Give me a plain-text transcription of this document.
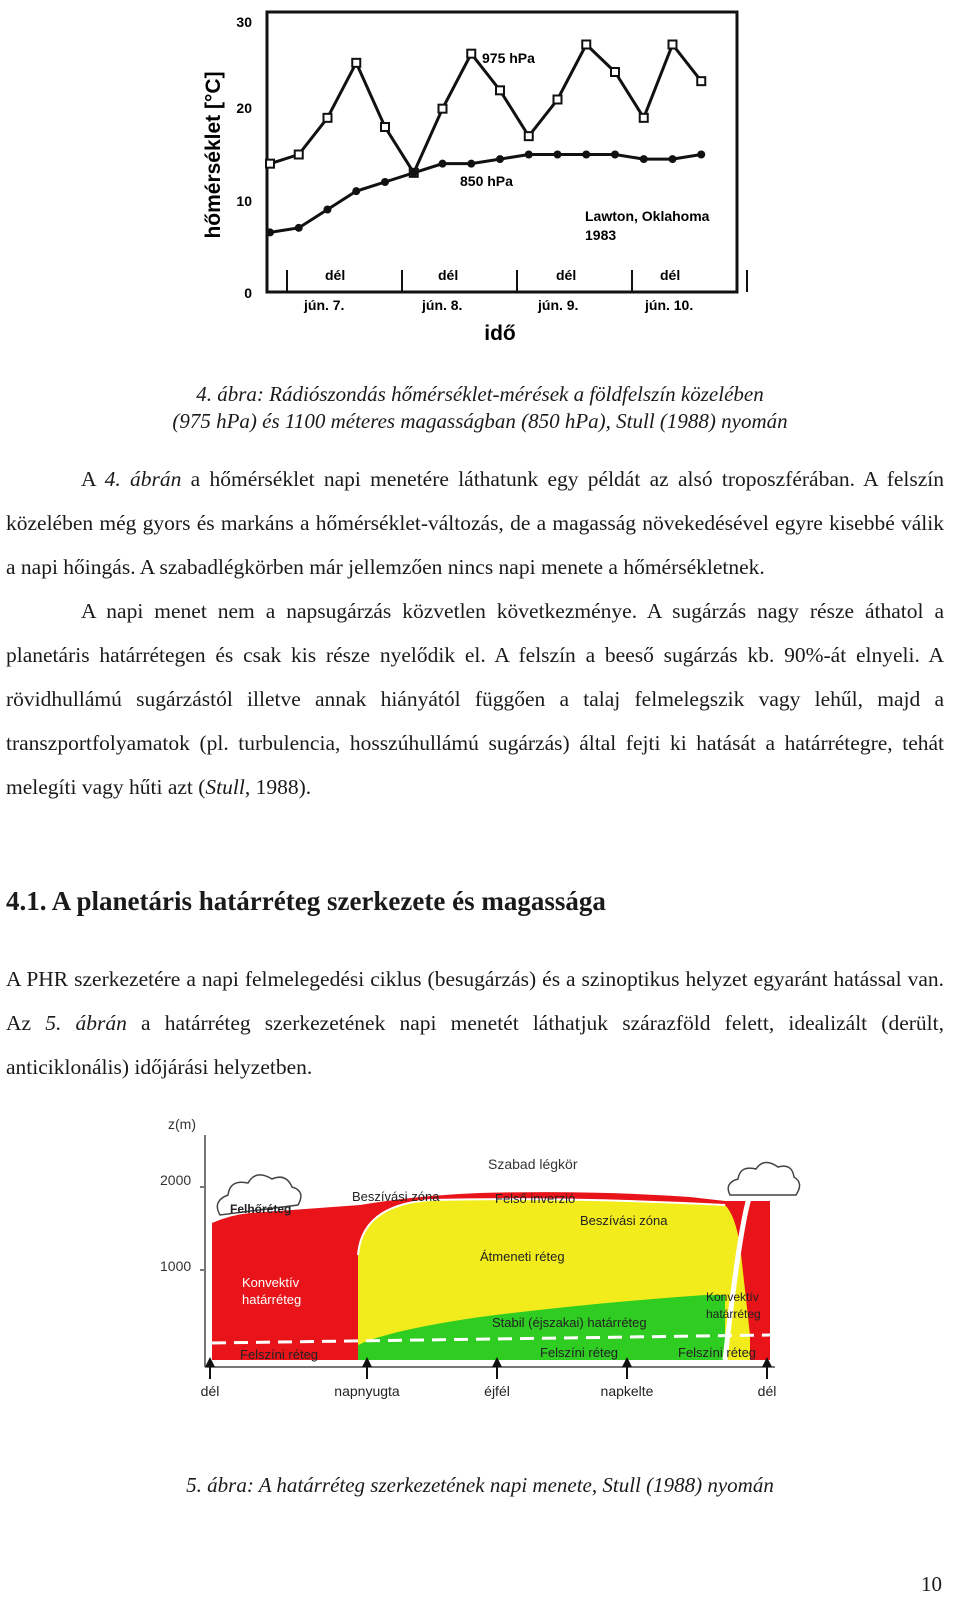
hőmérséklet [°C]
30
20
10
0
dél	dél	dél	dél
jún. 7.	jún. 8.	jún. 9.	jún. 10.
idő
975 hPa
850 hPa
Lawton, Oklahoma
1983
4. ábra: Rádiószondás hőmérséklet-mérések a földfelszín közelében
(975 hPa) és 1100 méteres magasságban (850 hPa), Stull (1988) nyomán

A 4. ábrán a hőmérséklet napi menetére láthatunk egy példát az alsó troposzférában. A felszín közelében még gyors és markáns a hőmérséklet-változás, de a magasság növekedésével egyre kisebbé válik a napi hőingás. A szabadlégkörben már jellemzően nincs napi menete a hőmérsékletnek.

A napi menet nem a napsugárzás közvetlen következménye. A sugárzás nagy része áthatol a planetáris határrétegen és csak kis része nyelődik el. A felszín a beeső sugárzás kb. 90%-át elnyeli. A rövidhullámú sugárzástól illetve annak hiányától függően a talaj felmelegszik vagy lehűl, majd a transzportfolyamatok (pl. turbulencia, hosszúhullámú sugárzás) által fejti ki hatását a határrétegre, tehát melegíti vagy hűti azt (Stull, 1988).

4.1. A planetáris határréteg szerkezete és magassága

A PHR szerkezetére a napi felmelegedési ciklus (besugárzás) és a szinoptikus helyzet egyaránt hatással van. Az 5. ábrán a határréteg szerkezetének napi menetét láthatjuk szárazföld felett, idealizált (derült, anticiklonális) időjárási helyzetben.

z(m)
2000
1000
Szabad légkör
Felhőréteg
Beszívási zóna	Felső inverzió
Beszívási zóna
Átmeneti réteg
Konvektív
határréteg	Konvektív
határréteg
Stabil (éjszakai) határréteg
Felszíni réteg	Felszíni réteg	Felszíni réteg
dél	napnyugta	éjfél	napkelte	dél
5. ábra: A határréteg szerkezetének napi menete, Stull (1988) nyomán
10
